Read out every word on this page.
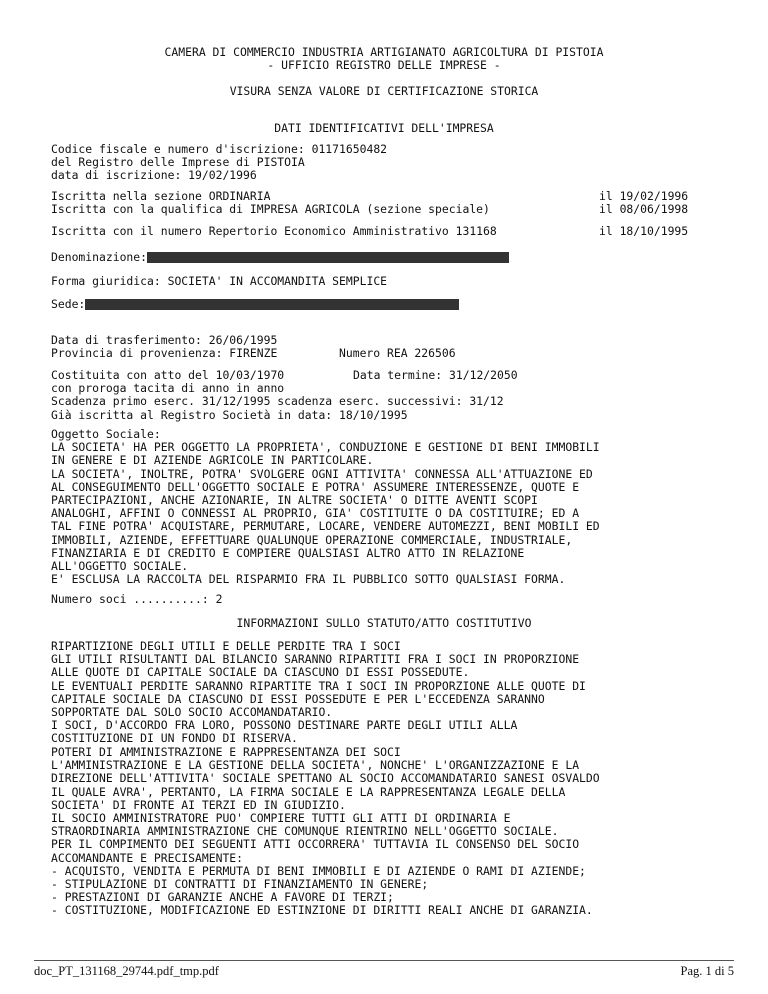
CAMERA DI COMMERCIO INDUSTRIA ARTIGIANATO AGRICOLTURA DI PISTOIA
- UFFICIO REGISTRO DELLE IMPRESE -
VISURA SENZA VALORE DI CERTIFICAZIONE STORICA
DATI IDENTIFICATIVI DELL'IMPRESA
Codice fiscale e numero d'iscrizione: 01171650482
del Registro delle Imprese di PISTOIA
data di iscrizione: 19/02/1996
Iscritta nella sezione ORDINARIA	il 19/02/1996
Iscritta con la qualifica di IMPRESA AGRICOLA (sezione speciale)	il 08/06/1998
Iscritta con il numero Repertorio Economico Amministrativo 131168	il 18/10/1995
Denominazione:
Forma giuridica: SOCIETA' IN ACCOMANDITA SEMPLICE
Sede:
Data di trasferimento: 26/06/1995
Provincia di provenienza: FIRENZE	Numero REA 226506
Costituita con atto del 10/03/1970	Data termine: 31/12/2050
con proroga tacita di anno in anno
Scadenza primo eserc. 31/12/1995 scadenza eserc. successivi: 31/12
Già iscritta al Registro Società in data: 18/10/1995
Oggetto Sociale:
LA SOCIETA' HA PER OGGETTO LA PROPRIETA', CONDUZIONE E GESTIONE DI BENI IMMOBILI
IN GENERE E DI AZIENDE AGRICOLE IN PARTICOLARE.
LA SOCIETA', INOLTRE, POTRA' SVOLGERE OGNI ATTIVITA' CONNESSA ALL'ATTUAZIONE ED
AL CONSEGUIMENTO DELL'OGGETTO SOCIALE E POTRA' ASSUMERE INTERESSENZE, QUOTE E
PARTECIPAZIONI, ANCHE AZIONARIE, IN ALTRE SOCIETA' O DITTE AVENTI SCOPI
ANALOGHI, AFFINI O CONNESSI AL PROPRIO, GIA' COSTITUITE O DA COSTITUIRE; ED A
TAL FINE POTRA' ACQUISTARE, PERMUTARE, LOCARE, VENDERE AUTOMEZZI, BENI MOBILI ED
IMMOBILI, AZIENDE, EFFETTUARE QUALUNQUE OPERAZIONE COMMERCIALE, INDUSTRIALE,
FINANZIARIA E DI CREDITO E COMPIERE QUALSIASI ALTRO ATTO IN RELAZIONE
ALL'OGGETTO SOCIALE.
E' ESCLUSA LA RACCOLTA DEL RISPARMIO FRA IL PUBBLICO SOTTO QUALSIASI FORMA.
Numero soci ..........: 2
INFORMAZIONI SULLO STATUTO/ATTO COSTITUTIVO
RIPARTIZIONE DEGLI UTILI E DELLE PERDITE TRA I SOCI
GLI UTILI RISULTANTI DAL BILANCIO SARANNO RIPARTITI FRA I SOCI IN PROPORZIONE
ALLE QUOTE DI CAPITALE SOCIALE DA CIASCUNO DI ESSI POSSEDUTE.
LE EVENTUALI PERDITE SARANNO RIPARTITE TRA I SOCI IN PROPORZIONE ALLE QUOTE DI
CAPITALE SOCIALE DA CIASCUNO DI ESSI POSSEDUTE E PER L'ECCEDENZA SARANNO
SOPPORTATE DAL SOLO SOCIO ACCOMANDATARIO.
I SOCI, D'ACCORDO FRA LORO, POSSONO DESTINARE PARTE DEGLI UTILI ALLA
COSTITUZIONE DI UN FONDO DI RISERVA.
POTERI DI AMMINISTRAZIONE E RAPPRESENTANZA DEI SOCI
L'AMMINISTRAZIONE E LA GESTIONE DELLA SOCIETA', NONCHE' L'ORGANIZZAZIONE E LA
DIREZIONE DELL'ATTIVITA' SOCIALE SPETTANO AL SOCIO ACCOMANDATARIO SANESI OSVALDO
IL QUALE AVRA', PERTANTO, LA FIRMA SOCIALE E LA RAPPRESENTANZA LEGALE DELLA
SOCIETA' DI FRONTE AI TERZI ED IN GIUDIZIO.
IL SOCIO AMMINISTRATORE PUO' COMPIERE TUTTI GLI ATTI DI ORDINARIA E
STRAORDINARIA AMMINISTRAZIONE CHE COMUNQUE RIENTRINO NELL'OGGETTO SOCIALE.
PER IL COMPIMENTO DEI SEGUENTI ATTI OCCORRERA' TUTTAVIA IL CONSENSO DEL SOCIO
ACCOMANDANTE E PRECISAMENTE:
- ACQUISTO, VENDITA E PERMUTA DI BENI IMMOBILI E DI AZIENDE O RAMI DI AZIENDE;
- STIPULAZIONE DI CONTRATTI DI FINANZIAMENTO IN GENERE;
- PRESTAZIONI DI GARANZIE ANCHE A FAVORE DI TERZI;
- COSTITUZIONE, MODIFICAZIONE ED ESTINZIONE DI DIRITTI REALI ANCHE DI GARANZIA.
doc_PT_131168_29744.pdf_tmp.pdf	Pag. 1 di 5
